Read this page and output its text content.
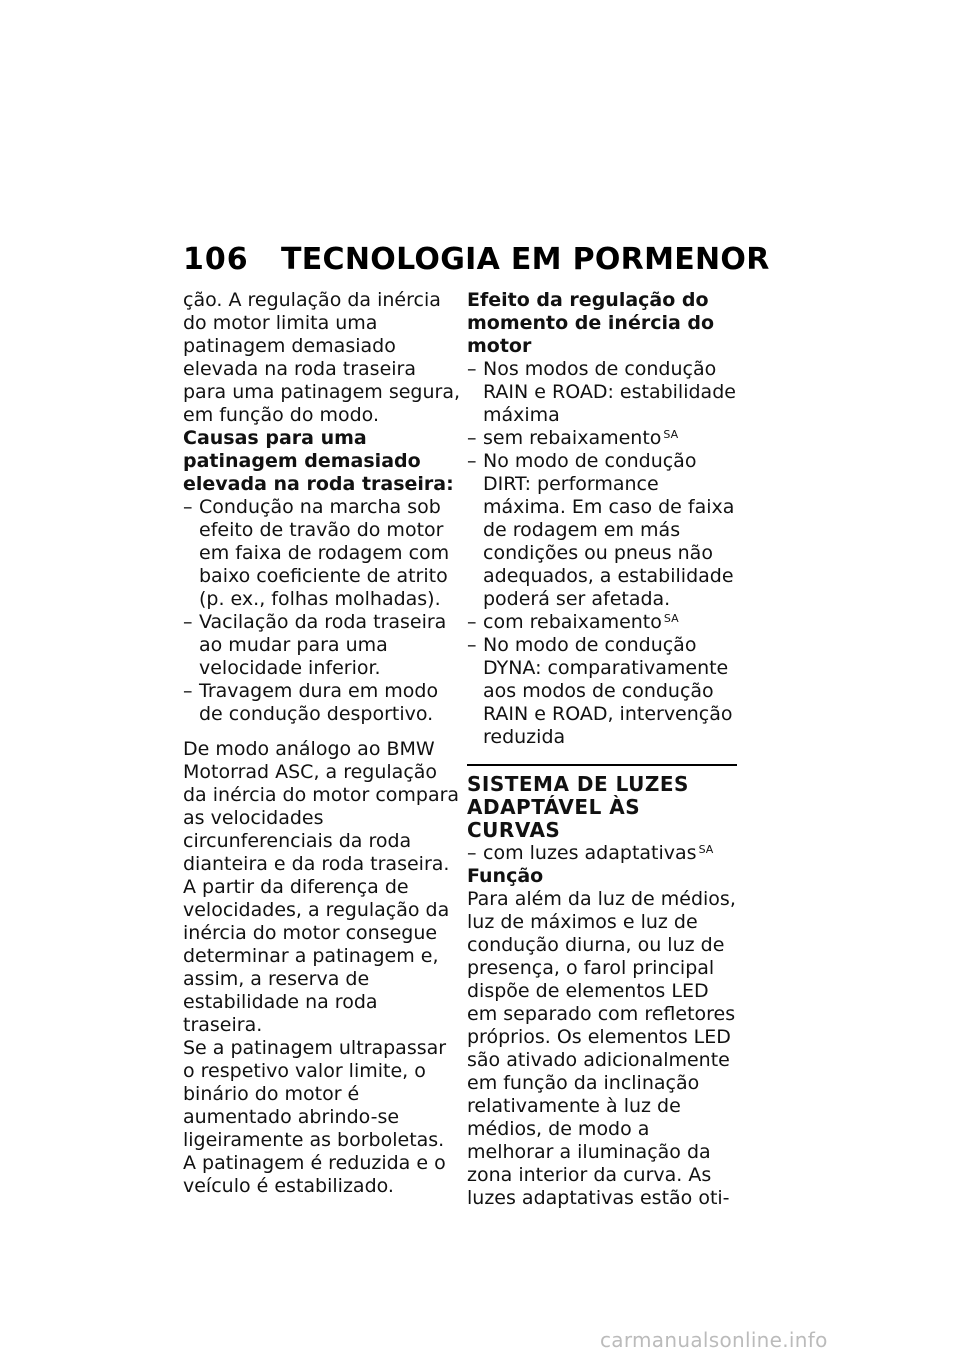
106 TECNOLOGIA EM PORMENOR

ção. A regulação da inércia do motor limita uma patinagem demasiado elevada na roda traseira para uma patinagem segura, em função do modo.

Causas para uma patinagem demasiado elevada na roda traseira:

– Condução na marcha sob efeito de travão do motor em faixa de rodagem com baixo coeficiente de atrito (p. ex., folhas molhadas).
– Vacilação da roda traseira ao mudar para uma velocidade inferior.
– Travagem dura em modo de condução desportivo.

De modo análogo ao BMW Motorrad ASC, a regulação da inércia do motor compara as velocidades circunferenciais da roda dianteira e da roda traseira.

A partir da diferença de velocidades, a regulação da inércia do motor consegue determinar a patinagem e, assim, a reserva de estabilidade na roda traseira.

Se a patinagem ultrapassar o respetivo valor limite, o binário do motor é aumentado abrindo-se ligeiramente as borboletas. A patinagem é reduzida e o veículo é estabilizado.

Efeito da regulação do momento de inércia do motor

– Nos modos de condução RAIN e ROAD: estabilidade máxima
– sem rebaixamento $^{SA}$
– No modo de condução DIRT: performance máxima. Em caso de faixa de rodagem em más condições ou pneus não adequados, a estabilidade poderá ser afetada.
– com rebaixamento $^{SA}$
– No modo de condução DYNA: comparativamente aos modos de condução RAIN e ROAD, intervenção reduzida

SISTEMA DE LUZES ADAPTÁVEL ÀS CURVAS

– com luzes adaptativas $^{SA}$

Função

Para além da luz de médios, luz de máximos e luz de condução diurna, ou luz de presença, o farol principal dispõe de elementos LED em separado com refletores próprios. Os elementos LED são ativado adicionalmente em função da inclinação relativamente à luz de médios, de modo a melhorar a iluminação da zona interior da curva. As luzes adaptativas estão oti-

carmanualsonline.info
